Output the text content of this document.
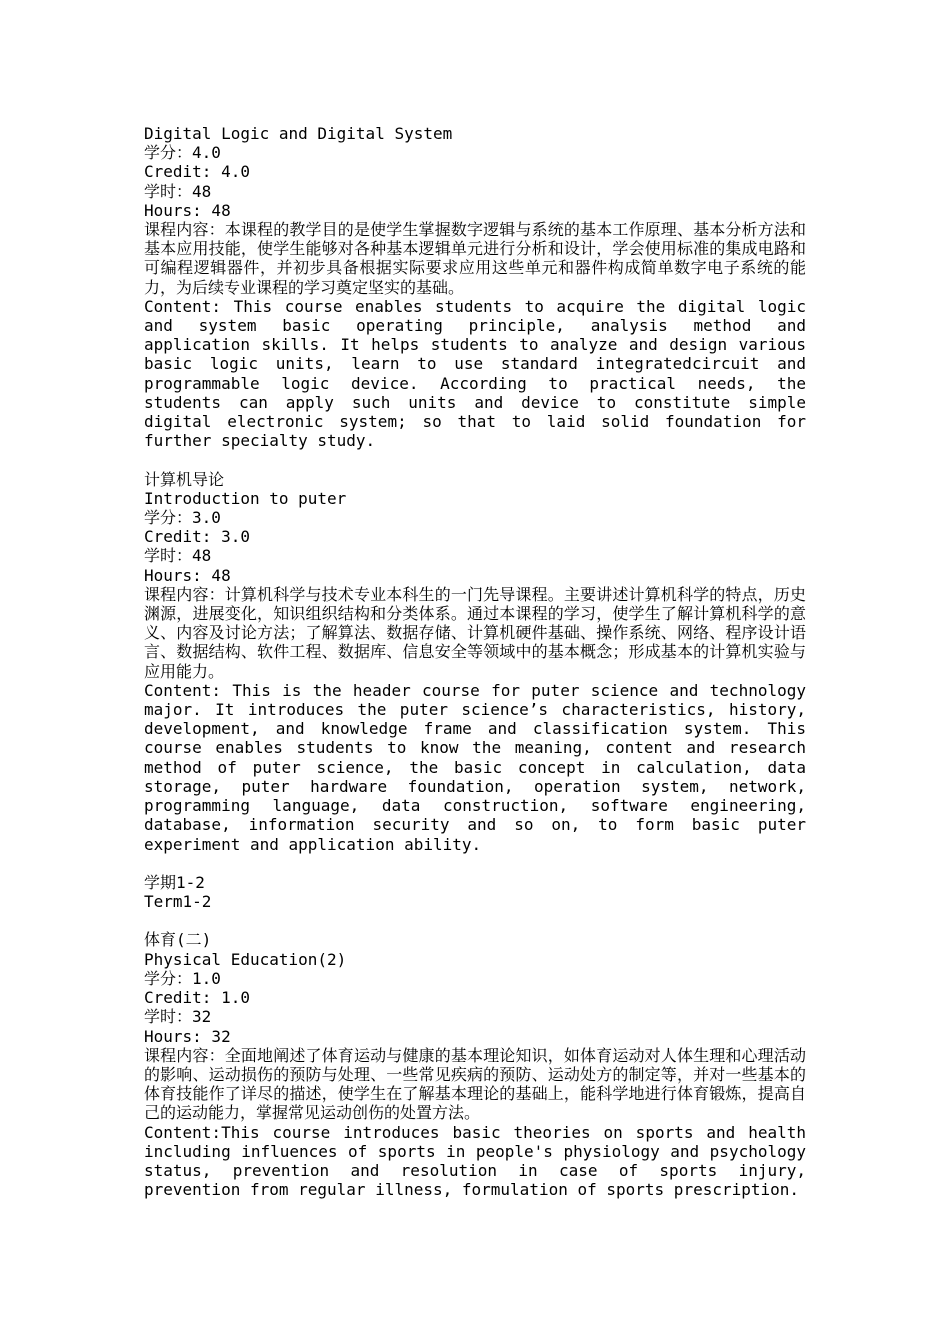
Digital Logic and Digital System

学分：4.0

Credit: 4.0

学时：48

Hours: 48

课程内容：本课程的教学目的是使学生掌握数字逻辑与系统的基本工作原理、基本分析方法和基本应用技能，使学生能够对各种基本逻辑单元进行分析和设计，学会使用标准的集成电路和可编程逻辑器件，并初步具备根据实际要求应用这些单元和器件构成简单数字电子系统的能力，为后续专业课程的学习奠定坚实的基础。

Content: This course enables students to acquire the digital logic and system basic operating principle, analysis method and application skills. It helps students to analyze and design various basic logic units, learn to use standard integratedcircuit and programmable logic device. According to practical needs, the students can apply such units and device to constitute simple digital electronic system; so that to laid solid foundation for further specialty study.

计算机导论

Introduction to puter

学分：3.0

Credit: 3.0

学时：48

Hours: 48

课程内容：计算机科学与技术专业本科生的一门先导课程。主要讲述计算机科学的特点，历史渊源，进展变化，知识组织结构和分类体系。通过本课程的学习，使学生了解计算机科学的意义、内容及讨论方法；了解算法、数据存储、计算机硬件基础、操作系统、网络、程序设计语言、数据结构、软件工程、数据库、信息安全等领域中的基本概念；形成基本的计算机实验与应用能力。

Content: This is the header course for puter science and technology major. It introduces the puter science’s characteristics, history, development, and knowledge frame and classification system. This course enables students to know the meaning, content and research method of puter science, the basic concept in calculation, data storage, puter hardware foundation, operation system, network, programming language, data construction, software engineering, database, information security and so on, to form basic puter experiment and application ability.

学期1-2

Term1-2

体育(二)

Physical Education(2)

学分：1.0

Credit: 1.0

学时：32

Hours: 32

课程内容：全面地阐述了体育运动与健康的基本理论知识，如体育运动对人体生理和心理活动的影响、运动损伤的预防与处理、一些常见疾病的预防、运动处方的制定等，并对一些基本的体育技能作了详尽的描述，使学生在了解基本理论的基础上，能科学地进行体育锻炼，提高自己的运动能力，掌握常见运动创伤的处置方法。

Content:This course introduces basic theories on sports and health including influences of sports in people's physiology and psychology status, prevention and resolution in case of sports injury, prevention from regular illness, formulation of sports prescription.
